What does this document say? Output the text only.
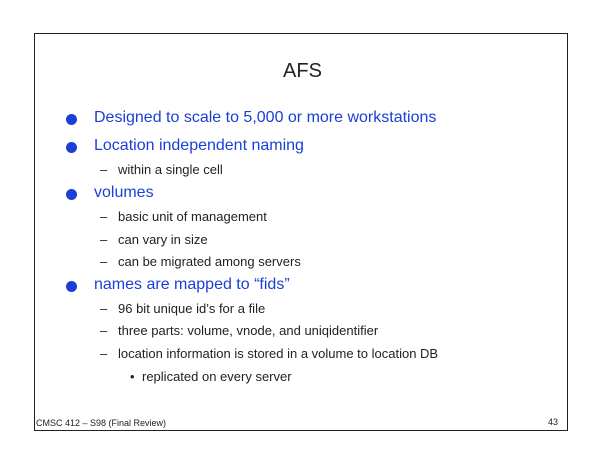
AFS
Designed to scale to 5,000 or more workstations
Location independent naming
– within a single cell
volumes
– basic unit of management
– can vary in size
– can be migrated among servers
names are mapped to “fids”
– 96 bit unique id’s for a file
– three parts: volume, vnode, and uniqidentifier
– location information is stored in a volume to location DB
• replicated on every server
CMSC 412 – S98 (Final Review)	43
